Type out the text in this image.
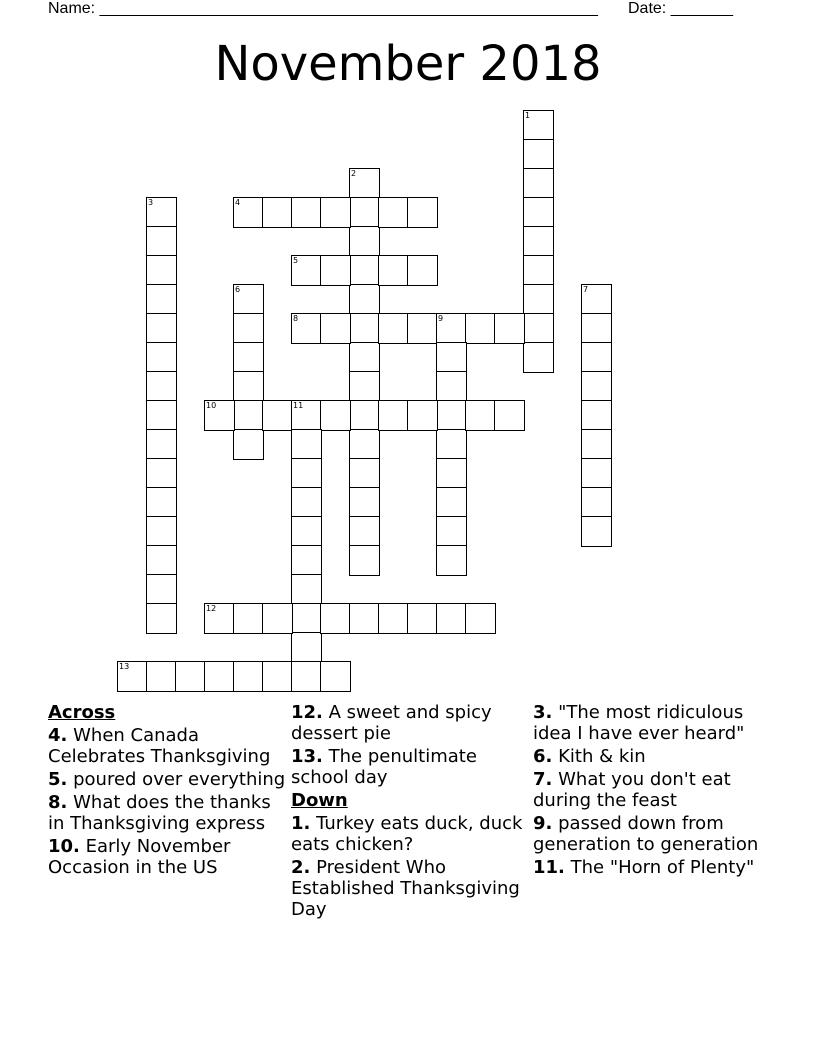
Name: ________________________________________________________ Date: _______
November 2018
1
2
3	4
5
6	7
8	9
10	11
12
13
Across
4. When Canada Celebrates Thanksgiving
5. poured over everything
8. What does the thanks in Thanksgiving express
10. Early November Occasion in the US
12. A sweet and spicy dessert pie
13. The penultimate school day
Down
1. Turkey eats duck, duck eats chicken?
2. President Who Established Thanksgiving Day
3. "The most ridiculous idea I have ever heard"
6. Kith & kin
7. What you don't eat during the feast
9. passed down from generation to generation
11. The "Horn of Plenty"
